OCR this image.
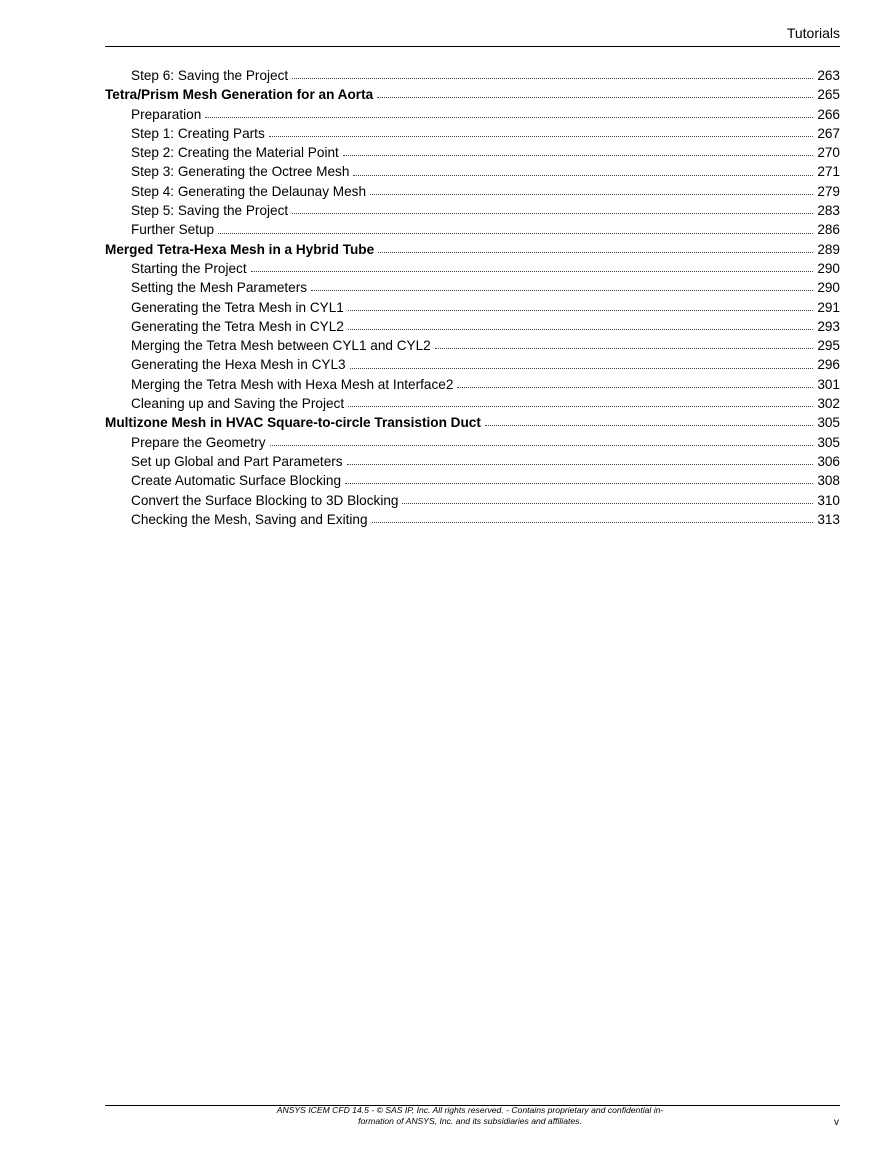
Tutorials
Step 6: Saving the Project	263
Tetra/Prism Mesh Generation for an Aorta	265
Preparation	266
Step 1: Creating Parts	267
Step 2: Creating the Material Point	270
Step 3: Generating the Octree Mesh	271
Step 4: Generating the Delaunay Mesh	279
Step 5: Saving the Project	283
Further Setup	286
Merged Tetra-Hexa Mesh in a Hybrid Tube	289
Starting the Project	290
Setting the Mesh Parameters	290
Generating the Tetra Mesh in CYL1	291
Generating the Tetra Mesh in CYL2	293
Merging the Tetra Mesh between CYL1 and CYL2	295
Generating the Hexa Mesh in CYL3	296
Merging the Tetra Mesh with Hexa Mesh at Interface2	301
Cleaning up and Saving the Project	302
Multizone Mesh in HVAC Square-to-circle Transistion Duct	305
Prepare the Geometry	305
Set up Global and Part Parameters	306
Create Automatic Surface Blocking	308
Convert the Surface Blocking to 3D Blocking	310
Checking the Mesh, Saving and Exiting	313
ANSYS ICEM CFD 14.5 - © SAS IP, Inc. All rights reserved. - Contains proprietary and confidential in-
formation of ANSYS, Inc. and its subsidiaries and affiliates.	v
